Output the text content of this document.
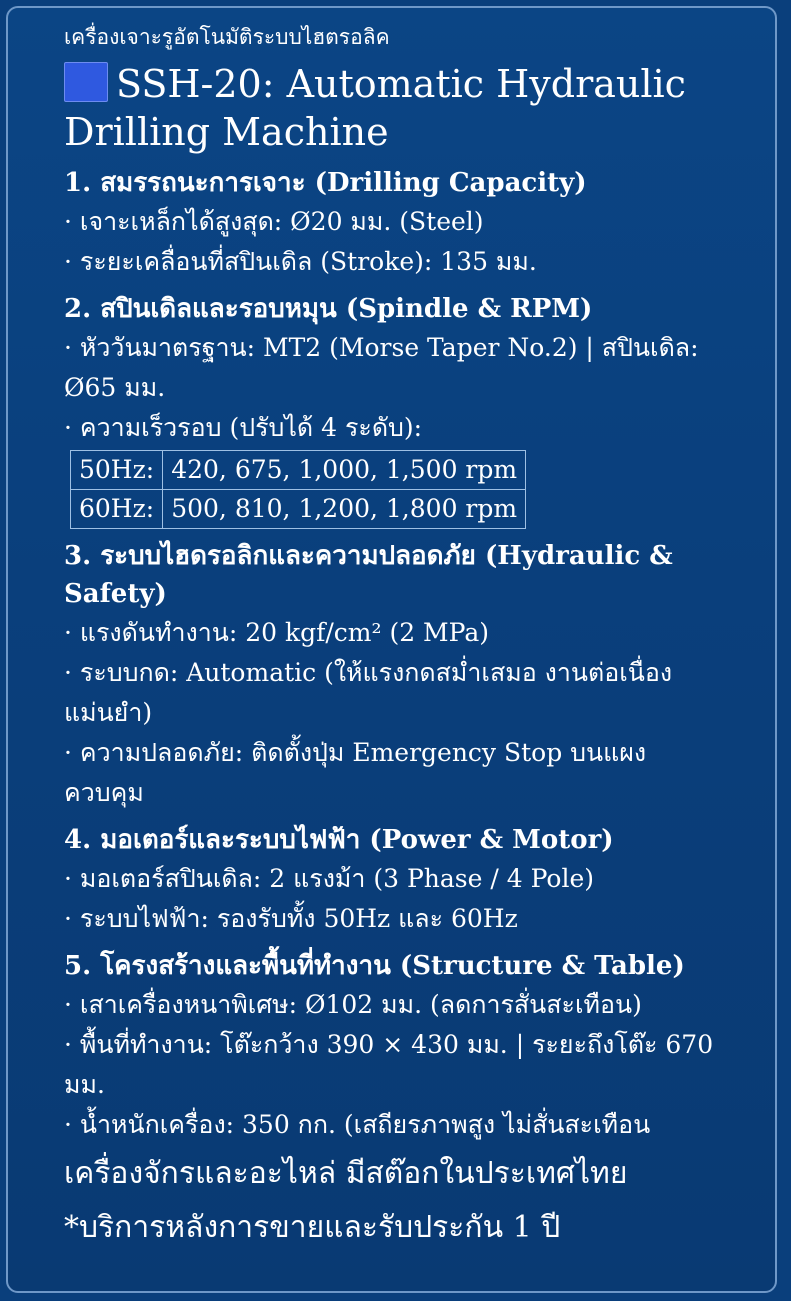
เครื่องเจาะรูอัตโนมัติระบบไฮตรอลิค
SSH-20: Automatic Hydraulic
Drilling Machine
1. สมรรถนะการเจาะ (Drilling Capacity)
· เจาะเหล็กได้สูงสุด: Ø20 มม. (Steel)
· ระยะเคลื่อนที่สปินเดิล (Stroke): 135 มม.
2. สปินเดิลและรอบหมุน (Spindle & RPM)
· หัววันมาตรฐาน: MT2 (Morse Taper No.2) | สปินเดิล:
Ø65 มม.
· ความเร็วรอบ (ปรับได้ 4 ระดับ):
50Hz:	420, 675, 1,000, 1,500 rpm
60Hz:	500, 810, 1,200, 1,800 rpm
3. ระบบไฮดรอลิกและความปลอดภัย (Hydraulic &
Safety)
· แรงดันทำงาน: 20 kgf/cm² (2 MPa)
· ระบบกด: Automatic (ให้แรงกดสม่ำเสมอ งานต่อเนื่อง
แม่นยำ)
· ความปลอดภัย: ติดตั้งปุ่ม Emergency Stop บนแผง
ควบคุม
4. มอเตอร์และระบบไฟฟ้า (Power & Motor)
· มอเตอร์สปินเดิล: 2 แรงม้า (3 Phase / 4 Pole)
· ระบบไฟฟ้า: รองรับทั้ง 50Hz และ 60Hz
5. โครงสร้างและพื้นที่ทำงาน (Structure & Table)
· เสาเครื่องหนาพิเศษ: Ø102 มม. (ลดการสั่นสะเทือน)
· พื้นที่ทำงาน: โต๊ะกว้าง 390 × 430 มม. | ระยะถึงโต๊ะ 670
มม.
· น้ำหนักเครื่อง: 350 กก. (เสถียรภาพสูง ไม่สั่นสะเทือน
เครื่องจักรและอะไหล่ มีสต๊อกในประเทศไทย
*บริการหลังการขายและรับประกัน 1 ปี
